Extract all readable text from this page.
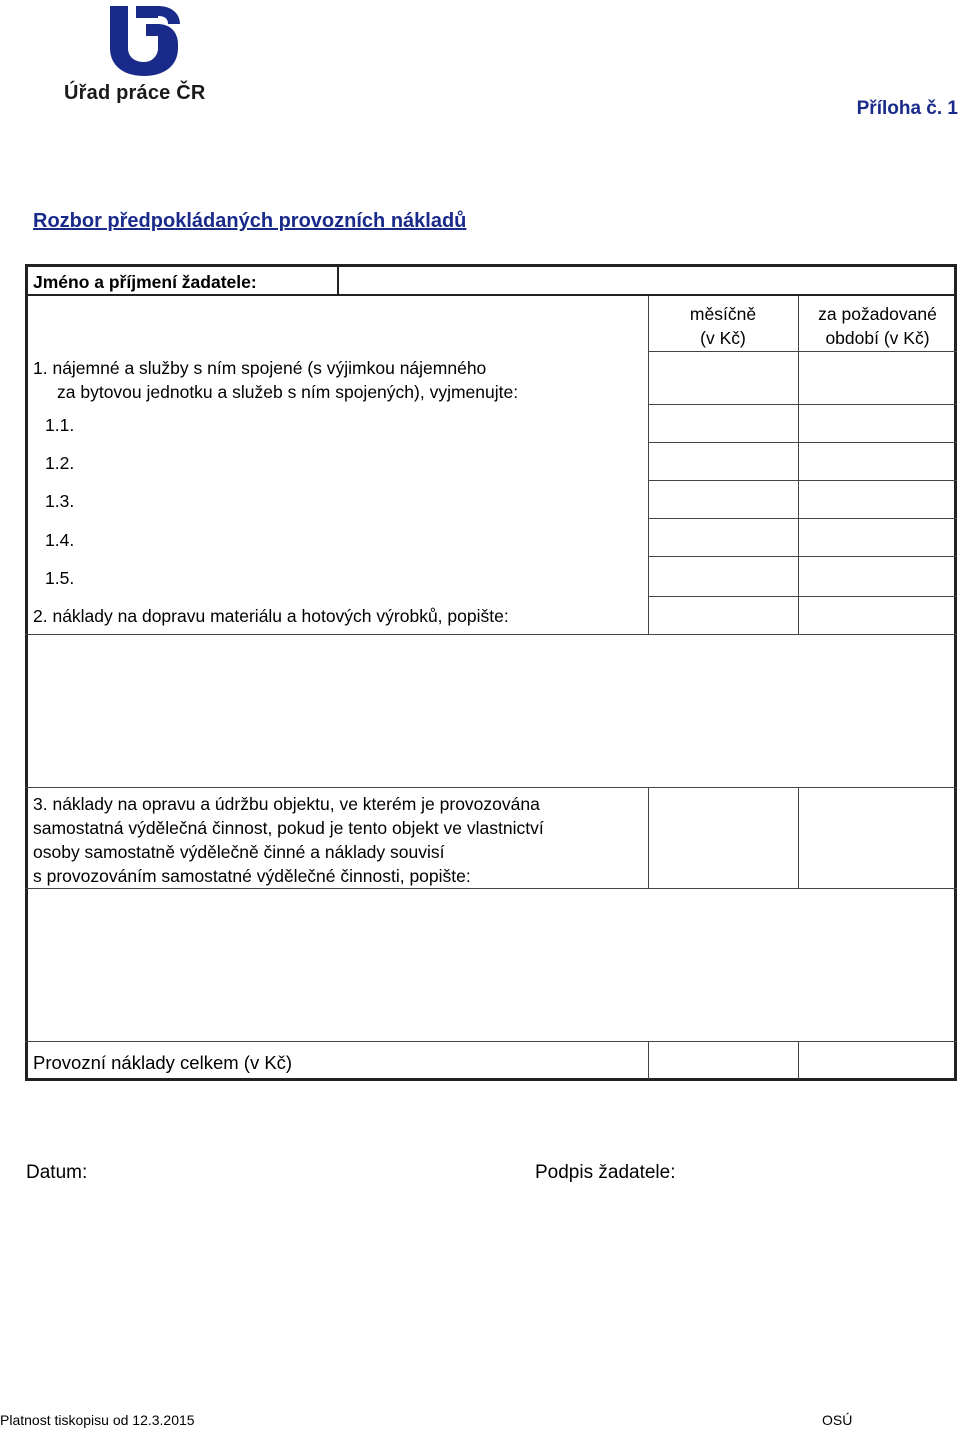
Úřad práce ČR
Příloha č. 1
Rozbor předpokládaných provozních nákladů
Jméno a příjmení žadatele:
měsíčně
(v Kč)
za požadované
období (v Kč)
1. nájemné a služby s ním spojené (s výjimkou nájemného
za bytovou jednotku a služeb s ním spojených), vyjmenujte:
1.1.
1.2.
1.3.
1.4.
1.5.
2. náklady na dopravu materiálu a hotových výrobků, popište:
3. náklady na opravu a údržbu objektu, ve kterém je provozována
samostatná výdělečná činnost, pokud je tento objekt ve vlastnictví
osoby samostatně výdělečně činné a náklady souvisí
s provozováním samostatné výdělečné činnosti, popište:
Provozní náklady celkem (v Kč)
Datum:	Podpis žadatele:
Platnost tiskopisu od 12.3.2015	OSÚ
